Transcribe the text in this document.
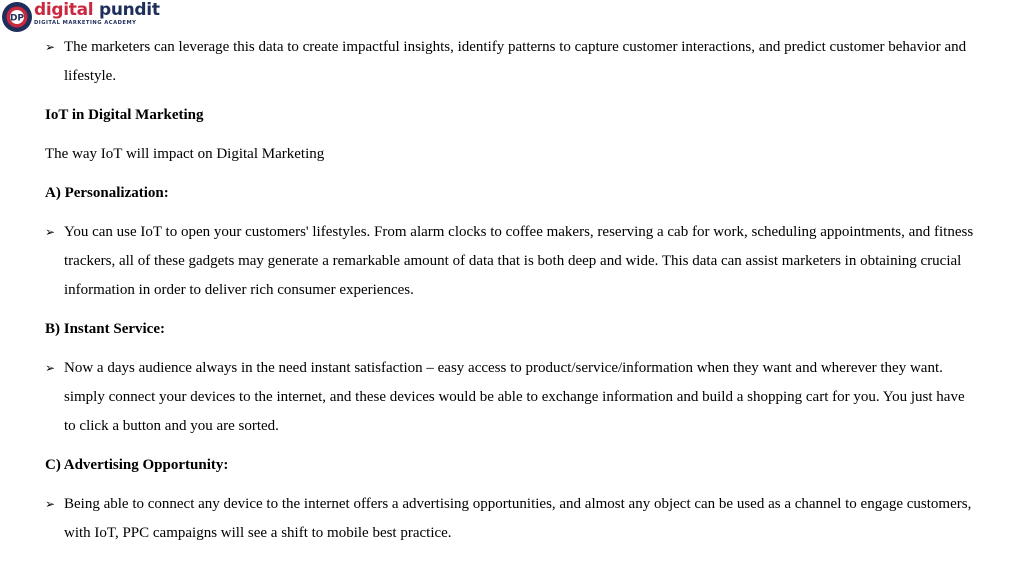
DP digital pundit
DIGITAL MARKETING ACADEMY
➢ The marketers can leverage this data to create impactful insights, identify patterns to capture customer interactions, and predict customer behavior and lifestyle.
IoT in Digital Marketing
The way IoT will impact on Digital Marketing
A) Personalization:
➢ You can use IoT to open your customers' lifestyles. From alarm clocks to coffee makers, reserving a cab for work, scheduling appointments, and fitness trackers, all of these gadgets may generate a remarkable amount of data that is both deep and wide. This data can assist marketers in obtaining crucial information in order to deliver rich consumer experiences.
B) Instant Service:
➢ Now a days audience always in the need instant satisfaction – easy access to product/service/information when they want and wherever they want. simply connect your devices to the internet, and these devices would be able to exchange information and build a shopping cart for you. You just have to click a button and you are sorted.
C) Advertising Opportunity:
➢ Being able to connect any device to the internet offers a advertising opportunities, and almost any object can be used as a channel to engage customers, with IoT, PPC campaigns will see a shift to mobile best practice.
